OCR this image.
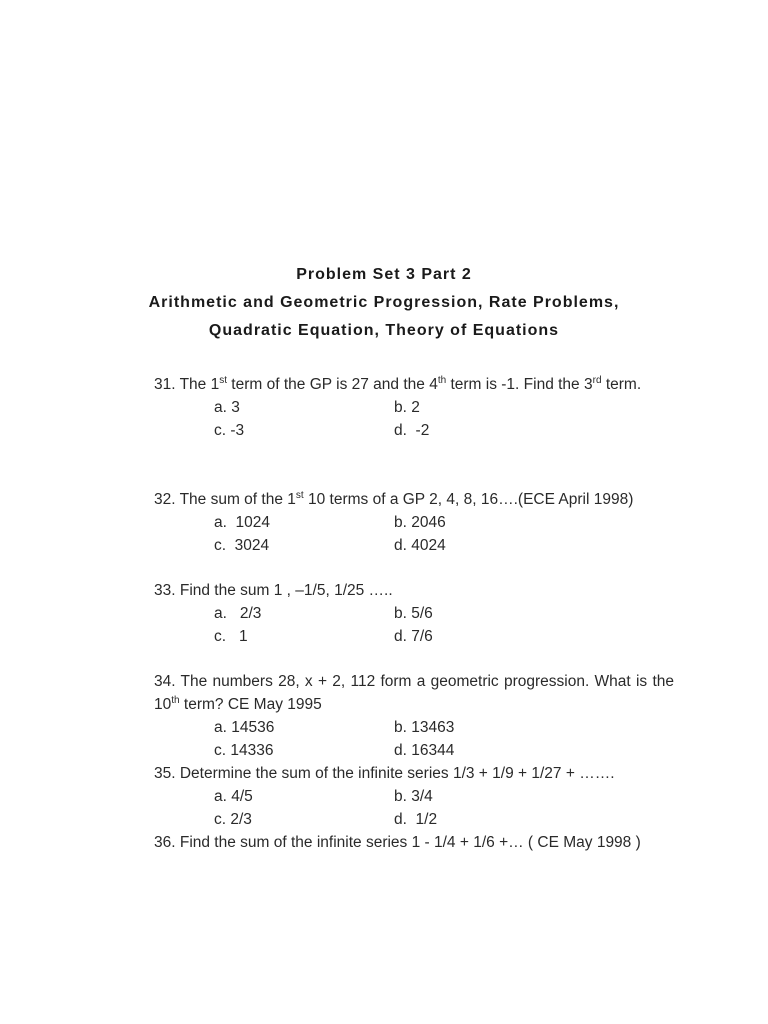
Problem Set 3 Part 2
Arithmetic and Geometric Progression, Rate Problems,
Quadratic Equation, Theory of Equations
31. The 1st term of the GP is 27 and the 4th term is -1. Find the 3rd term.
a. 3	b. 2
c. -3	d.  -2
32. The sum of the 1st 10 terms of a GP 2, 4, 8, 16….(ECE April 1998)
a.  1024	b. 2046
c.  3024	d. 4024
33. Find the sum 1 , –1/5, 1/25 …..
a.   2/3	b. 5/6
c.   1	d. 7/6
34. The numbers 28, x + 2, 112 form a geometric progression. What is the 10th term? CE May 1995
a. 14536	b. 13463
c. 14336	d. 16344
35. Determine the sum of the infinite series 1/3 + 1/9 + 1/27 + …….
a. 4/5	b. 3/4
c. 2/3	d.  1/2
36. Find the sum of the infinite series 1 - 1/4 + 1/6 +… ( CE May 1998 )
